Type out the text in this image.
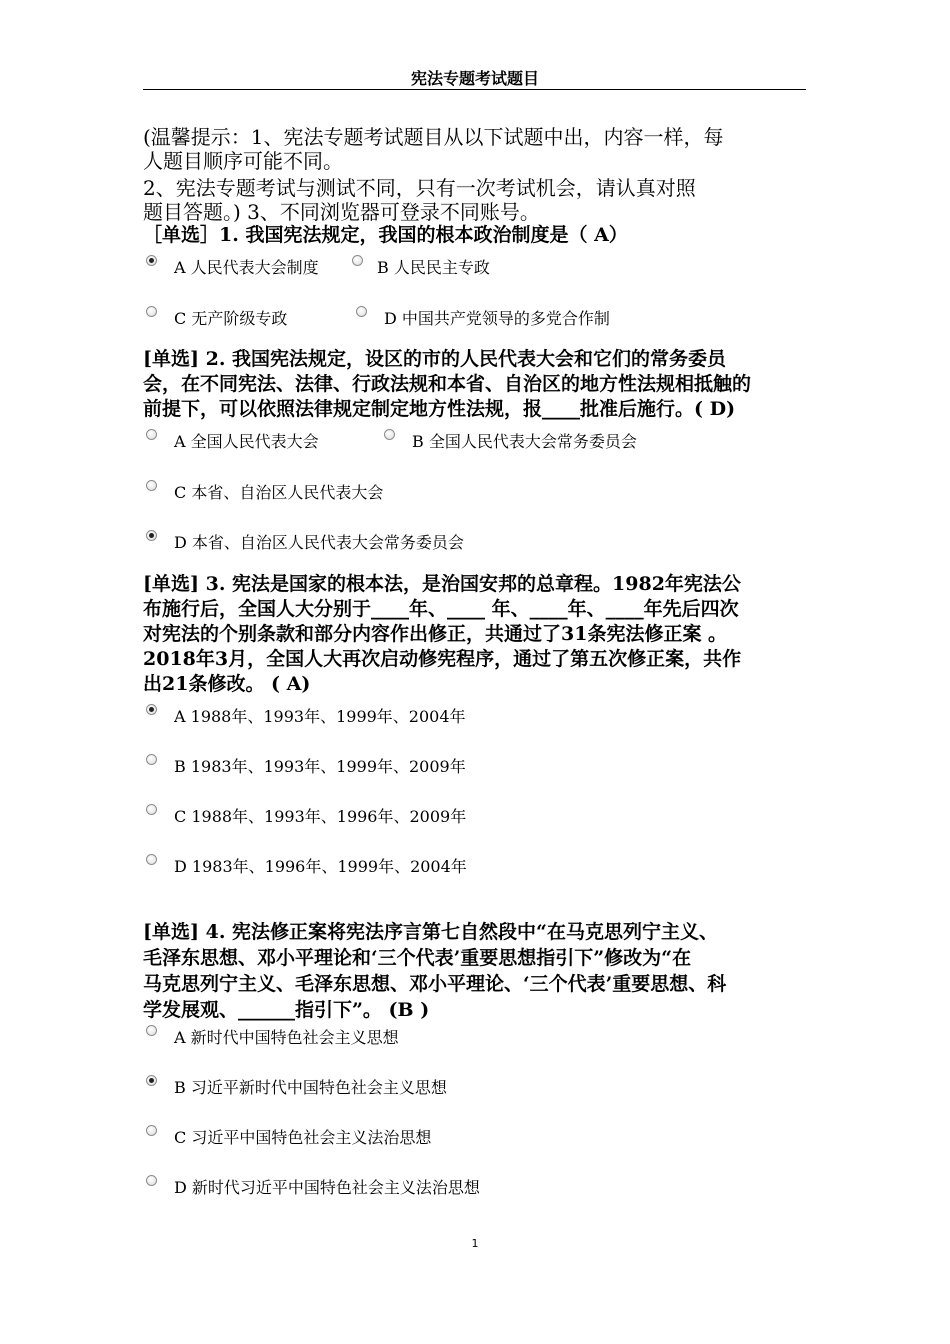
宪法专题考试题目
(温馨提示：1、宪法专题考试题目从以下试题中出，内容一样，每
人题目顺序可能不同。
2、宪法专题考试与测试不同，只有一次考试机会，请认真对照
题目答题。) 3、不同浏览器可登录不同账号。
［单选］1. 我国宪法规定，我国的根本政治制度是（ A）
A 人民代表大会制度	B 人民民主专政
C 无产阶级专政	D 中国共产党领导的多党合作制
[单选] 2. 我国宪法规定，设区的市的人民代表大会和它们的常务委员
会，在不同宪法、法律、行政法规和本省、自治区的地方性法规相抵触的
前提下，可以依照法律规定制定地方性法规，报____批准后施行。( D)
A 全国人民代表大会	B 全国人民代表大会常务委员会
C 本省、自治区人民代表大会
D 本省、自治区人民代表大会常务委员会
[单选] 3. 宪法是国家的根本法，是治国安邦的总章程。1982年宪法公
布施行后，全国人大分别于____年、____ 年、____年、____年先后四次
对宪法的个别条款和部分内容作出修正，共通过了31条宪法修正案 。
2018年3月，全国人大再次启动修宪程序，通过了第五次修正案，共作
出21条修改。 ( A)
A 1988年、1993年、1999年、2004年
B 1983年、1993年、1999年、2009年
C 1988年、1993年、1996年、2009年
D 1983年、1996年、1999年、2004年
[单选] 4. 宪法修正案将宪法序言第七自然段中“在马克思列宁主义、
毛泽东思想、邓小平理论和‘三个代表’重要思想指引下”修改为“在
马克思列宁主义、毛泽东思想、邓小平理论、‘三个代表’重要思想、科
学发展观、______指引下”。 (B )
A 新时代中国特色社会主义思想
B 习近平新时代中国特色社会主义思想
C 习近平中国特色社会主义法治思想
D 新时代习近平中国特色社会主义法治思想
1
